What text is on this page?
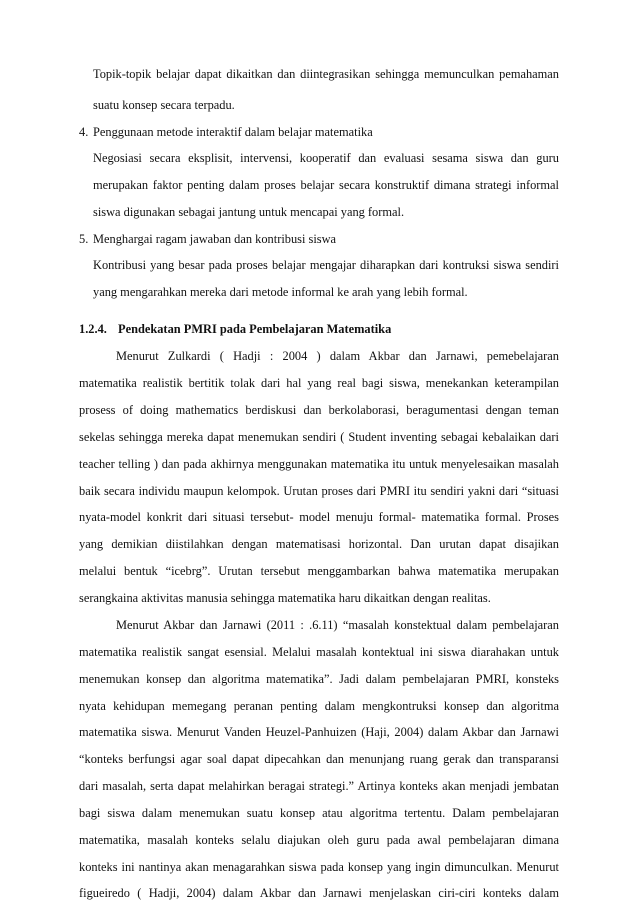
Topik-topik belajar dapat dikaitkan dan diintegrasikan sehingga memunculkan pemahaman
suatu konsep secara terpadu.
4. Penggunaan metode interaktif dalam belajar matematika
Negosiasi secara eksplisit, intervensi, kooperatif dan evaluasi sesama siswa dan guru
merupakan faktor penting dalam proses belajar secara konstruktif dimana strategi informal
siswa digunakan sebagai jantung untuk mencapai yang formal.
5. Menghargai ragam jawaban dan kontribusi siswa
Kontribusi yang besar pada proses belajar mengajar diharapkan dari kontruksi siswa sendiri
yang mengarahkan mereka dari metode informal ke arah yang lebih formal.
1.2.4. Pendekatan PMRI pada Pembelajaran Matematika
Menurut Zulkardi ( Hadji : 2004 ) dalam Akbar dan Jarnawi, pemebelajaran
matematika realistik bertitik tolak dari hal yang real bagi siswa, menekankan keterampilan
prosess of doing mathematics berdiskusi dan berkolaborasi, beragumentasi dengan teman
sekelas sehingga mereka dapat menemukan sendiri ( Student inventing sebagai kebalaikan dari
teacher telling ) dan pada akhirnya menggunakan matematika itu untuk menyelesaikan masalah
baik secara individu maupun kelompok. Urutan proses dari PMRI itu sendiri yakni dari “situasi
nyata-model konkrit dari situasi tersebut- model menuju formal- matematika formal. Proses
yang demikian diistilahkan dengan matematisasi horizontal. Dan urutan dapat disajikan
melalui bentuk “icebrg”. Urutan tersebut menggambarkan bahwa matematika merupakan
serangkaina aktivitas manusia sehingga matematika haru dikaitkan dengan realitas.
Menurut Akbar dan Jarnawi (2011 : .6.11) “masalah konstektual dalam pembelajaran
matematika realistik sangat esensial. Melalui masalah kontektual ini siswa diarahakan untuk
menemukan konsep dan algoritma matematika”. Jadi dalam pembelajaran PMRI, konsteks
nyata kehidupan memegang peranan penting dalam mengkontruksi konsep dan algoritma
matematika siswa. Menurut Vanden Heuzel-Panhuizen (Haji, 2004) dalam Akbar dan Jarnawi
“konteks berfungsi agar soal dapat dipecahkan dan menunjang ruang gerak dan transparansi
dari masalah, serta dapat melahirkan beragai strategi.” Artinya konteks akan menjadi jembatan
bagi siswa dalam menemukan suatu konsep atau algoritma tertentu. Dalam pembelajaran
matematika, masalah konteks selalu diajukan oleh guru pada awal pembelajaran dimana
konteks ini nantinya akan menagarahkan siswa pada konsep yang ingin dimunculkan. Menurut
figueiredo ( Hadji, 2004) dalam Akbar dan Jarnawi menjelaskan ciri-ciri konteks dalam
